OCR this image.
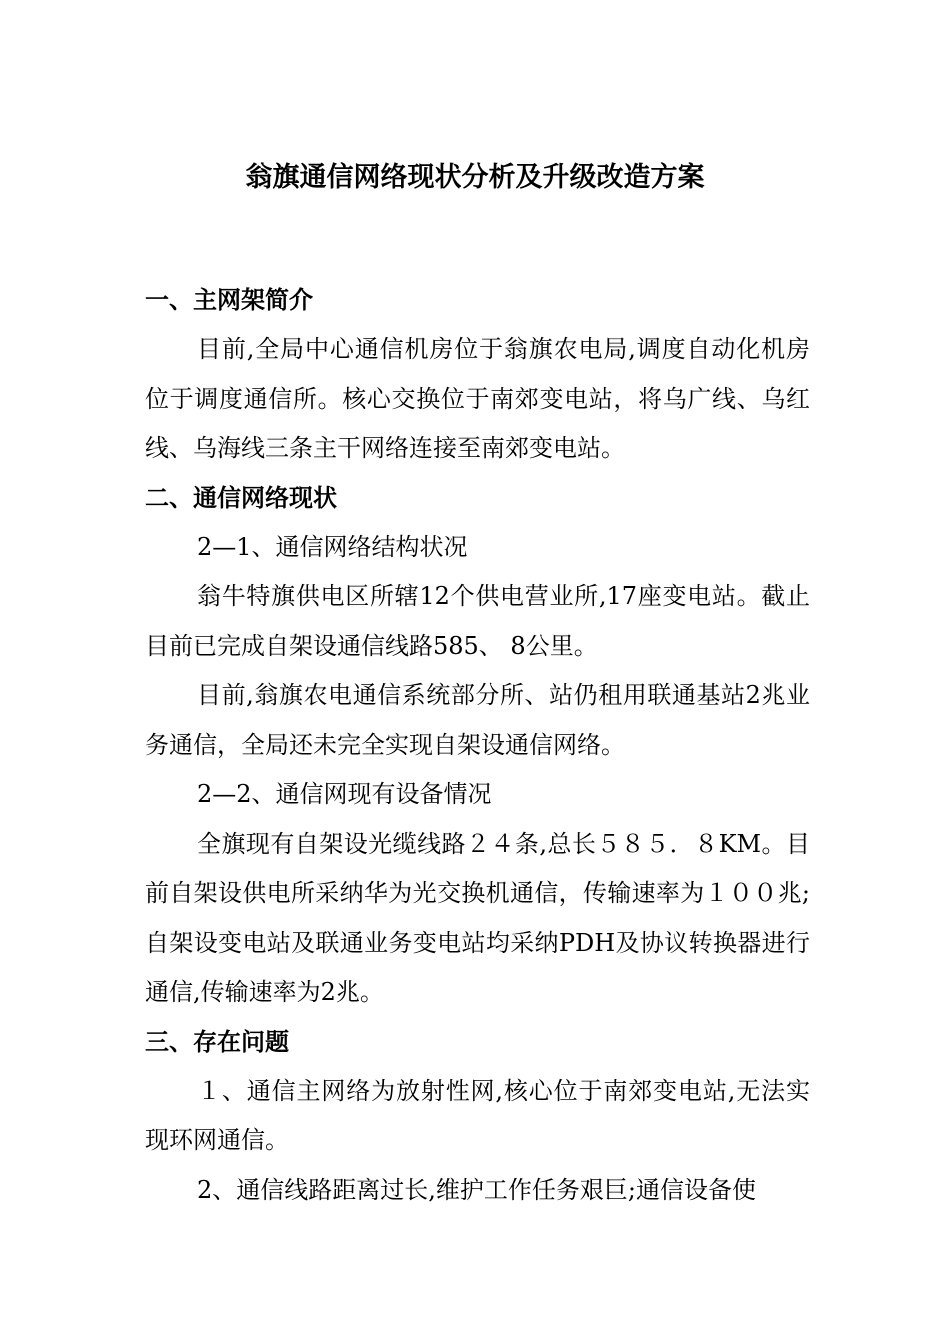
翁旗通信网络现状分析及升级改造方案
一、主网架简介

目前,全局中心通信机房位于翁旗农电局,调度自动化机房位于调度通信所。核心交换位于南郊变电站，将乌广线、乌红线、乌海线三条主干网络连接至南郊变电站。

二、通信网络现状

2—1、通信网络结构状况

翁牛特旗供电区所辖12个供电营业所,17座变电站。截止目前已完成自架设通信线路585、 8公里。

目前,翁旗农电通信系统部分所、站仍租用联通基站2兆业务通信，全局还未完全实现自架设通信网络。

2—2、通信网现有设备情况

全旗现有自架设光缆线路２４条,总长５８５．８KM。目前自架设供电所采纳华为光交换机通信，传输速率为１００兆;自架设变电站及联通业务变电站均采纳PDH及协议转换器进行通信,传输速率为2兆。

三、存在问题

１、通信主网络为放射性网,核心位于南郊变电站,无法实现环网通信。

2、通信线路距离过长,维护工作任务艰巨;通信设备使
